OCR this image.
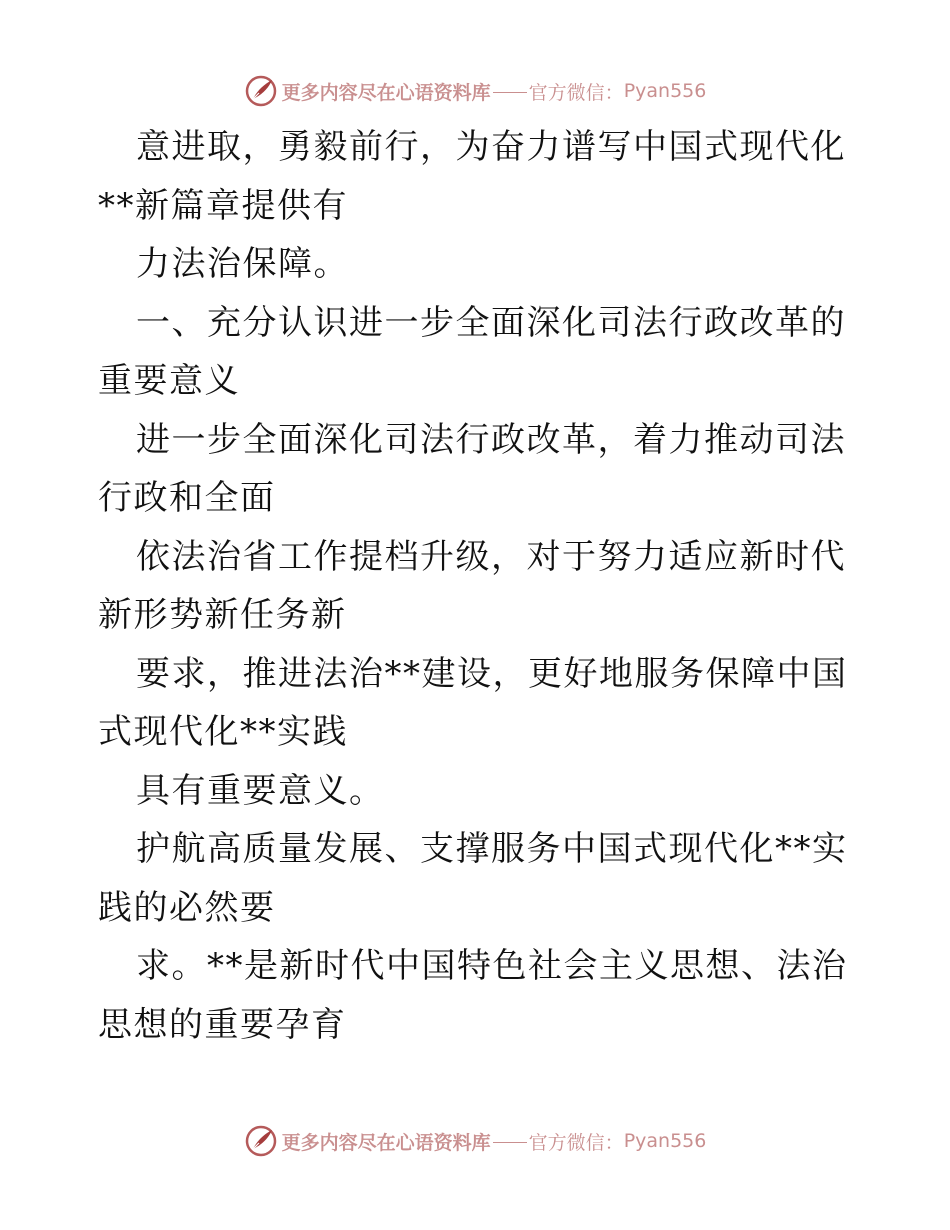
更多内容尽在心语资料库 官方微信： Pyan556

意进取，勇毅前行，为奋力谱写中国式现代化**新篇章提供有

力法治保障。

一、充分认识进一步全面深化司法行政改革的重要意义

进一步全面深化司法行政改革，着力推动司法行政和全面

依法治省工作提档升级，对于努力适应新时代新形势新任务新

要求，推进法治**建设，更好地服务保障中国式现代化**实践

具有重要意义。

护航高质量发展、支撑服务中国式现代化**实践的必然要

求。**是新时代中国特色社会主义思想、法治思想的重要孕育

更多内容尽在心语资料库 官方微信： Pyan556
